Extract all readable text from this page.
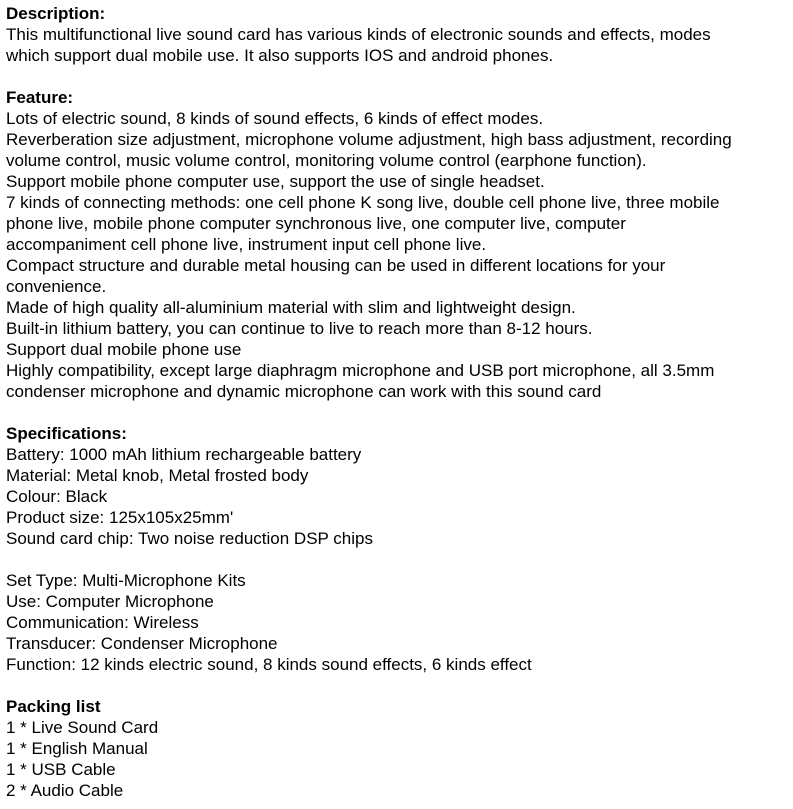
Description:
This multifunctional live sound card has various kinds of electronic sounds and effects, modes
which support dual mobile use. It also supports IOS and android phones.
Feature:
Lots of electric sound, 8 kinds of sound effects, 6 kinds of effect modes.
Reverberation size adjustment, microphone volume adjustment, high bass adjustment, recording
volume control, music volume control, monitoring volume control (earphone function).
Support mobile phone computer use, support the use of single headset.
7 kinds of connecting methods: one cell phone K song live, double cell phone live, three mobile
phone live, mobile phone computer synchronous live, one computer live, computer
accompaniment cell phone live, instrument input cell phone live.
Compact structure and durable metal housing can be used in different locations for your
convenience.
Made of high quality all-aluminium material with slim and lightweight design.
Built-in lithium battery, you can continue to live to reach more than 8-12 hours.
Support dual mobile phone use
Highly compatibility, except large diaphragm microphone and USB port microphone, all 3.5mm
condenser microphone and dynamic microphone can work with this sound card
Specifications:
Battery: 1000 mAh lithium rechargeable battery
Material: Metal knob, Metal frosted body
Colour: Black
Product size: 125x105x25mm'
Sound card chip: Two noise reduction DSP chips
Set Type: Multi-Microphone Kits
Use: Computer Microphone
Communication: Wireless
Transducer: Condenser Microphone
Function: 12 kinds electric sound, 8 kinds sound effects, 6 kinds effect
Packing list
1 * Live Sound Card
1 * English Manual
1 * USB Cable
2 * Audio Cable
